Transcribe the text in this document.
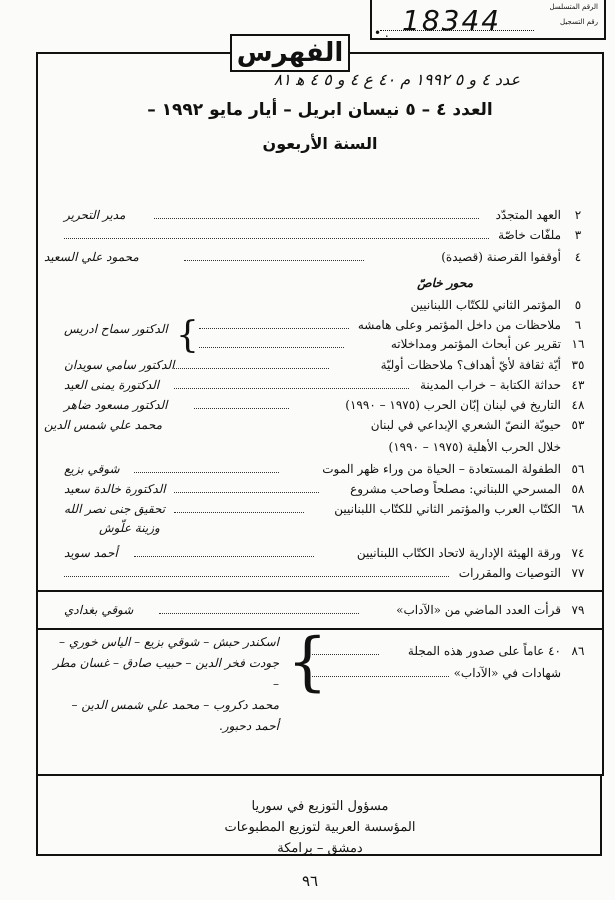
الرقم المتسلسل
رقم التسجيل
18344
• .
الفهرس
عدد ٤ و ٥ ١٩٩٢ م ٤٠ ع ٤ و ٥ ٤ ه‍ ٨١
العدد ٤ – ٥ نيسان ابريل – أيار مايو ١٩٩٢ –
السنة الأربعون
٢
العهد المتجدّد
مدير التحرير
٣
ملفّات خاصّة
٤
أوقفوا القرصنة (قصيدة)
محمود علي السعيد
محور خاصّ
٥
المؤتمر الثاني للكتّاب اللبنانيين
٦
ملاحظات من داخل المؤتمر وعلى هامشه
الدكتور سماح ادريس
١٦
تقرير عن أبحاث المؤتمر ومداخلاته
}
٣٥
أيّة ثقافة لأيّ أهداف؟ ملاحظات أوليّة
الدكتور سامي سويدان
٤٣
حداثة الكتابة – خراب المدينة
الدكتورة يمنى العيد
٤٨
التاريخ في لبنان إبّان الحرب (١٩٧٥ – ١٩٩٠)
الدكتور مسعود ضاهر
٥٣
حيويّة النصّ الشعري الإبداعي في لبنان
محمد علي شمس الدين
خلال الحرب الأهلية (١٩٧٥ – ١٩٩٠)
٥٦
الطفولة المستعادة – الحياة من وراء ظهر الموت
شوقي بزيع
٥٨
المسرحي اللبناني: مصلحاً وصاحب مشروع
الدكتورة خالدة سعيد
٦٨
الكتّاب العرب والمؤتمر الثاني للكتّاب اللبنانيين
تحقيق جنى نصر الله
وزينة علّوش
٧٤
ورقة الهيئة الإدارية لاتحاد الكتّاب اللبنانيين
أحمد سويد
٧٧
التوصيات والمقررات
٧٩
قرأت العدد الماضي من «الآداب»
شوقي بغدادي
٨٦
٤٠ عاماً على صدور هذه المجلة
شهادات في «الآداب»
}
اسكندر حبش – شوقي بزيع – الياس خوري –
جودت فخر الدين – حبيب صادق – غسان مطر –
محمد دكروب – محمد علي شمس الدين – أحمد دحبور.
مسؤول التوزيع في سوريا
المؤسسة العربية لتوزيع المطبوعات
دمشق – برامكة
٩٦
